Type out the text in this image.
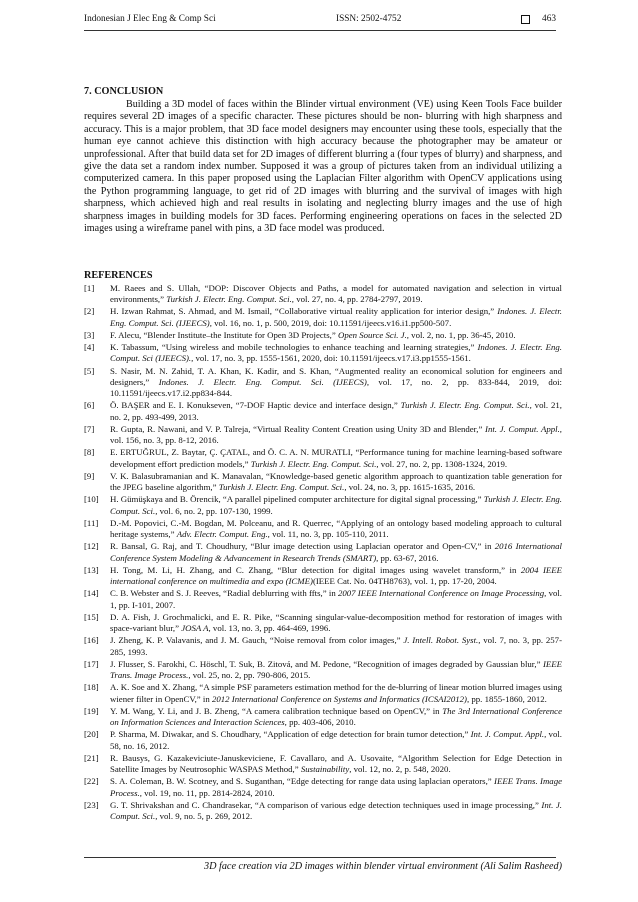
Indonesian J Elec Eng & Comp Sci	ISSN: 2502-4752	463
7. CONCLUSION

Building a 3D model of faces within the Blinder virtual environment (VE) using Keen Tools Face builder requires several 2D images of a specific character. These pictures should be non- blurring with high sharpness and accuracy. This is a major problem, that 3D face model designers may encounter using these tools, especially that the human eye cannot achieve this distinction with high accuracy because the photographer may be amateur or unprofessional. After that build data set for 2D images of different blurring a (four types of blurry) and sharpness, and give the data set a random index number. Supposed it was a group of pictures taken from an individual utilizing a computerized camera. In this paper proposed using the Laplacian Filter algorithm with OpenCV applications using the Python programming language, to get rid of 2D images with blurring and the survival of images with high sharpness, which achieved high and real results in isolating and neglecting blurry images and the use of high sharpness images in building models for 3D faces. Performing engineering operations on faces in the selected 2D images using a wireframe panel with pins, a 3D face model was produced.

REFERENCES
[1] M. Raees and S. Ullah, “DOP: Discover Objects and Paths, a model for automated navigation and selection in virtual environments,” Turkish J. Electr. Eng. Comput. Sci., vol. 27, no. 4, pp. 2784-2797, 2019.
[2] H. Izwan Rahmat, S. Ahmad, and M. Ismail, “Collaborative virtual reality application for interior design,” Indones. J. Electr. Eng. Comput. Sci. (IJEECS), vol. 16, no. 1, p. 500, 2019, doi: 10.11591/ijeecs.v16.i1.pp500-507.
[3] F. Alecu, “Blender Institute–the Institute for Open 3D Projects,” Open Source Sci. J., vol. 2, no. 1, pp. 36-45, 2010.
[4] K. Tabassum, “Using wireless and mobile technologies to enhance teaching and learning strategies,” Indones. J. Electr. Eng. Comput. Sci (IJEECS)., vol. 17, no. 3, pp. 1555-1561, 2020, doi: 10.11591/ijeecs.v17.i3.pp1555-1561.
[5] S. Nasir, M. N. Zahid, T. A. Khan, K. Kadir, and S. Khan, “Augmented reality an economical solution for engineers and designers,” Indones. J. Electr. Eng. Comput. Sci. (IJEECS), vol. 17, no. 2, pp. 833-844, 2019, doi: 10.11591/ijeecs.v17.i2.pp834-844.
[6] Ö. BAŞER and E. I. Konukseven, “7-DOF Haptic device and interface design,” Turkish J. Electr. Eng. Comput. Sci., vol. 21, no. 2, pp. 493-499, 2013.
[7] R. Gupta, R. Nawani, and V. P. Talreja, “Virtual Reality Content Creation using Unity 3D and Blender,” Int. J. Comput. Appl., vol. 156, no. 3, pp. 8-12, 2016.
[8] E. ERTUĞRUL, Z. Baytar, Ç. ÇATAL, and Ö. C. A. N. MURATLI, “Performance tuning for machine learning-based software development effort prediction models,” Turkish J. Electr. Eng. Comput. Sci., vol. 27, no. 2, pp. 1308-1324, 2019.
[9] V. K. Balasubramanian and K. Manavalan, “Knowledge-based genetic algorithm approach to quantization table generation for the JPEG baseline algorithm,” Turkish J. Electr. Eng. Comput. Sci., vol. 24, no. 3, pp. 1615-1635, 2016.
[10] H. Gümüşkaya and B. Örencik, “A parallel pipelined computer architecture for digital signal processing,” Turkish J. Electr. Eng. Comput. Sci., vol. 6, no. 2, pp. 107-130, 1999.
[11] D.-M. Popovici, C.-M. Bogdan, M. Polceanu, and R. Querrec, “Applying of an ontology based modeling approach to cultural heritage systems,” Adv. Electr. Comput. Eng., vol. 11, no. 3, pp. 105-110, 2011.
[12] R. Bansal, G. Raj, and T. Choudhury, “Blur image detection using Laplacian operator and Open-CV,” in 2016 International Conference System Modeling & Advancement in Research Trends (SMART), pp. 63-67, 2016.
[13] H. Tong, M. Li, H. Zhang, and C. Zhang, “Blur detection for digital images using wavelet transform,” in 2004 IEEE international conference on multimedia and expo (ICME)(IEEE Cat. No. 04TH8763), vol. 1, pp. 17-20, 2004.
[14] C. B. Webster and S. J. Reeves, “Radial deblurring with ffts,” in 2007 IEEE International Conference on Image Processing, vol. 1, pp. I-101, 2007.
[15] D. A. Fish, J. Grochmalicki, and E. R. Pike, “Scanning singular-value-decomposition method for restoration of images with space-variant blur,” JOSA A, vol. 13, no. 3, pp. 464-469, 1996.
[16] J. Zheng, K. P. Valavanis, and J. M. Gauch, “Noise removal from color images,” J. Intell. Robot. Syst., vol. 7, no. 3, pp. 257-285, 1993.
[17] J. Flusser, S. Farokhi, C. Höschl, T. Suk, B. Zitová, and M. Pedone, “Recognition of images degraded by Gaussian blur,” IEEE Trans. Image Process., vol. 25, no. 2, pp. 790-806, 2015.
[18] A. K. Soe and X. Zhang, “A simple PSF parameters estimation method for the de-blurring of linear motion blurred images using wiener filter in OpenCV,” in 2012 International Conference on Systems and Informatics (ICSAI2012), pp. 1855-1860, 2012.
[19] Y. M. Wang, Y. Li, and J. B. Zheng, “A camera calibration technique based on OpenCV,” in The 3rd International Conference on Information Sciences and Interaction Sciences, pp. 403-406, 2010.
[20] P. Sharma, M. Diwakar, and S. Choudhary, “Application of edge detection for brain tumor detection,” Int. J. Comput. Appl., vol. 58, no. 16, 2012.
[21] R. Bausys, G. Kazakeviciute-Januskeviciene, F. Cavallaro, and A. Usovaite, “Algorithm Selection for Edge Detection in Satellite Images by Neutrosophic WASPAS Method,” Sustainability, vol. 12, no. 2, p. 548, 2020.
[22] S. A. Coleman, B. W. Scotney, and S. Suganthan, “Edge detecting for range data using laplacian operators,” IEEE Trans. Image Process., vol. 19, no. 11, pp. 2814-2824, 2010.
[23] G. T. Shrivakshan and C. Chandrasekar, “A comparison of various edge detection techniques used in image processing,” Int. J. Comput. Sci., vol. 9, no. 5, p. 269, 2012.
3D face creation via 2D images within blender virtual environment (Ali Salim Rasheed)
